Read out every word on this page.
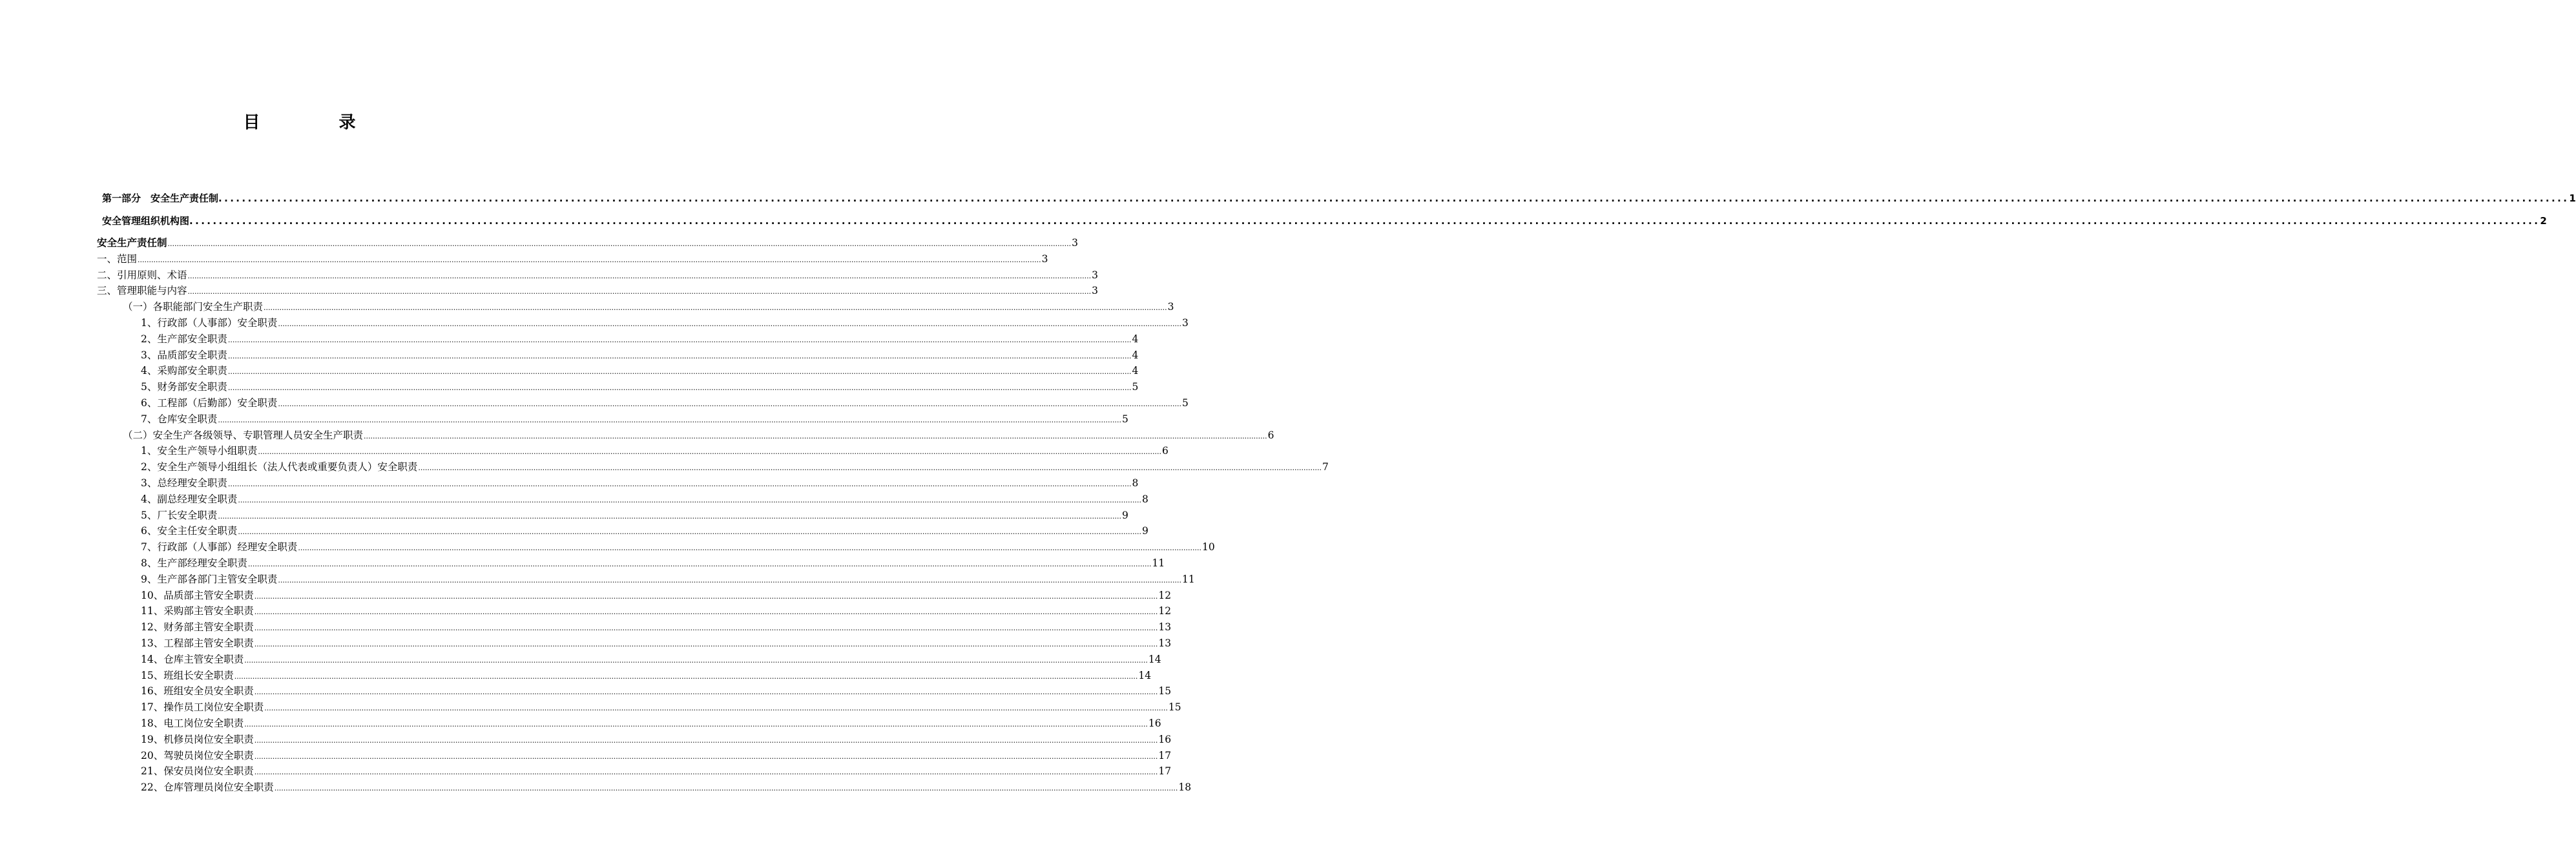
目　录
第一部分　安全生产责任制 ................................................................................................................................................................................................................................................................................................................................................................................................................ 1
安全管理组织机构图 ................................................................................................................................................................................................................................................................................................................................................................................................................ 2
安全生产责任制 ................................................................................................................................................................................................................................................................................................................................................................................................................ 3
一、范围 ................................................................................................................................................................................................................................................................................................................................................................................................................ 3
二、引用原则、术语 ................................................................................................................................................................................................................................................................................................................................................................................................................ 3
三、管理职能与内容 ................................................................................................................................................................................................................................................................................................................................................................................................................ 3
（一）各职能部门安全生产职责 ................................................................................................................................................................................................................................................................................................................................................................................................................ 3
1、行政部（人事部）安全职责 ................................................................................................................................................................................................................................................................................................................................................................................................................ 3
2、生产部安全职责 ................................................................................................................................................................................................................................................................................................................................................................................................................ 4
3、品质部安全职责 ................................................................................................................................................................................................................................................................................................................................................................................................................ 4
4、采购部安全职责 ................................................................................................................................................................................................................................................................................................................................................................................................................ 4
5、财务部安全职责 ................................................................................................................................................................................................................................................................................................................................................................................................................ 5
6、工程部（后勤部）安全职责 ................................................................................................................................................................................................................................................................................................................................................................................................................ 5
7、仓库安全职责 ................................................................................................................................................................................................................................................................................................................................................................................................................ 5
（二）安全生产各级领导、专职管理人员安全生产职责 ................................................................................................................................................................................................................................................................................................................................................................................................................ 6
1、安全生产领导小组职责 ................................................................................................................................................................................................................................................................................................................................................................................................................ 6
2、安全生产领导小组组长（法人代表或重要负责人）安全职责 ................................................................................................................................................................................................................................................................................................................................................................................................................ 7
3、总经理安全职责 ................................................................................................................................................................................................................................................................................................................................................................................................................ 8
4、副总经理安全职责 ................................................................................................................................................................................................................................................................................................................................................................................................................ 8
5、厂长安全职责 ................................................................................................................................................................................................................................................................................................................................................................................................................ 9
6、安全主任安全职责 ................................................................................................................................................................................................................................................................................................................................................................................................................ 9
7、行政部（人事部）经理安全职责 ................................................................................................................................................................................................................................................................................................................................................................................................................ 10
8、生产部经理安全职责 ................................................................................................................................................................................................................................................................................................................................................................................................................ 11
9、生产部各部门主管安全职责 ................................................................................................................................................................................................................................................................................................................................................................................................................ 11
10、品质部主管安全职责 ................................................................................................................................................................................................................................................................................................................................................................................................................ 12
11、采购部主管安全职责 ................................................................................................................................................................................................................................................................................................................................................................................................................ 12
12、财务部主管安全职责 ................................................................................................................................................................................................................................................................................................................................................................................................................ 13
13、工程部主管安全职责 ................................................................................................................................................................................................................................................................................................................................................................................................................ 13
14、仓库主管安全职责 ................................................................................................................................................................................................................................................................................................................................................................................................................ 14
15、班组长安全职责 ................................................................................................................................................................................................................................................................................................................................................................................................................ 14
16、班组安全员安全职责 ................................................................................................................................................................................................................................................................................................................................................................................................................ 15
17、操作员工岗位安全职责 ................................................................................................................................................................................................................................................................................................................................................................................................................ 15
18、电工岗位安全职责 ................................................................................................................................................................................................................................................................................................................................................................................................................ 16
19、机修员岗位安全职责 ................................................................................................................................................................................................................................................................................................................................................................................................................ 16
20、驾驶员岗位安全职责 ................................................................................................................................................................................................................................................................................................................................................................................................................ 17
21、保安员岗位安全职责 ................................................................................................................................................................................................................................................................................................................................................................................................................ 17
22、仓库管理员岗位安全职责 ................................................................................................................................................................................................................................................................................................................................................................................................................ 18
